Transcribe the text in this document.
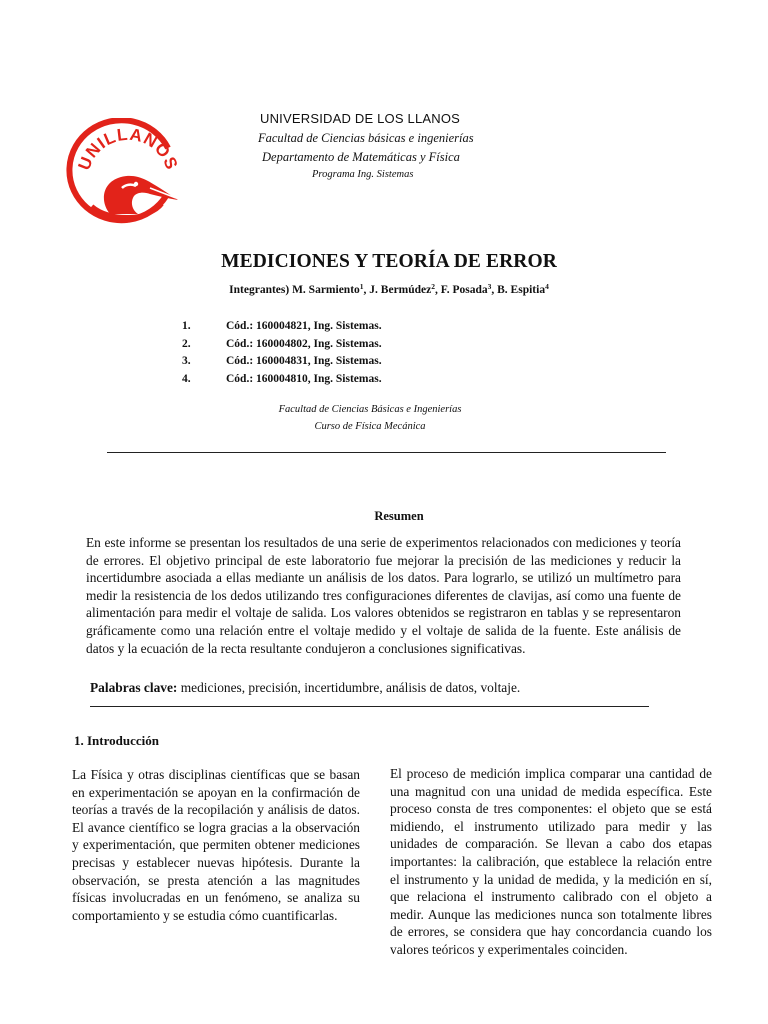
UNILLANOS
UNIVERSIDAD DE LOS LLANOS
Facultad de Ciencias básicas e ingenierías
Departamento de Matemáticas y Física
Programa Ing. Sistemas
MEDICIONES Y TEORÍA DE ERROR
Integrantes) M. Sarmiento$^1$, J. Bermúdez$^2$, F. Posada$^3$, B. Espitia$^4$
1.	Cód.: 160004821, Ing. Sistemas.
2.	Cód.: 160004802, Ing. Sistemas.
3.	Cód.: 160004831, Ing. Sistemas.
4.	Cód.: 160004810, Ing. Sistemas.
Facultad de Ciencias Básicas e Ingenierías
Curso de Física Mecánica
Resumen

En este informe se presentan los resultados de una serie de experimentos relacionados con mediciones y teoría de errores. El objetivo principal de este laboratorio fue mejorar la precisión de las mediciones y reducir la incertidumbre asociada a ellas mediante un análisis de los datos. Para lograrlo, se utilizó un multímetro para medir la resistencia de los dedos utilizando tres configuraciones diferentes de clavijas, así como una fuente de alimentación para medir el voltaje de salida. Los valores obtenidos se registraron en tablas y se representaron gráficamente como una relación entre el voltaje medido y el voltaje de salida de la fuente. Este análisis de datos y la ecuación de la recta resultante condujeron a conclusiones significativas.

Palabras clave: mediciones, precisión, incertidumbre, análisis de datos, voltaje.
1. Introducción

La Física y otras disciplinas científicas que se basan en experimentación se apoyan en la confirmación de teorías a través de la recopilación y análisis de datos. El avance científico se logra gracias a la observación y experimentación, que permiten obtener mediciones precisas y establecer nuevas hipótesis. Durante la observación, se presta atención a las magnitudes físicas involucradas en un fenómeno, se analiza su comportamiento y se estudia cómo cuantificarlas.

El proceso de medición implica comparar una cantidad de una magnitud con una unidad de medida específica. Este proceso consta de tres componentes: el objeto que se está midiendo, el instrumento utilizado para medir y las unidades de comparación. Se llevan a cabo dos etapas importantes: la calibración, que establece la relación entre el instrumento y la unidad de medida, y la medición en sí, que relaciona el instrumento calibrado con el objeto a medir. Aunque las mediciones nunca son totalmente libres de errores, se considera que hay concordancia cuando los valores teóricos y experimentales coinciden.
